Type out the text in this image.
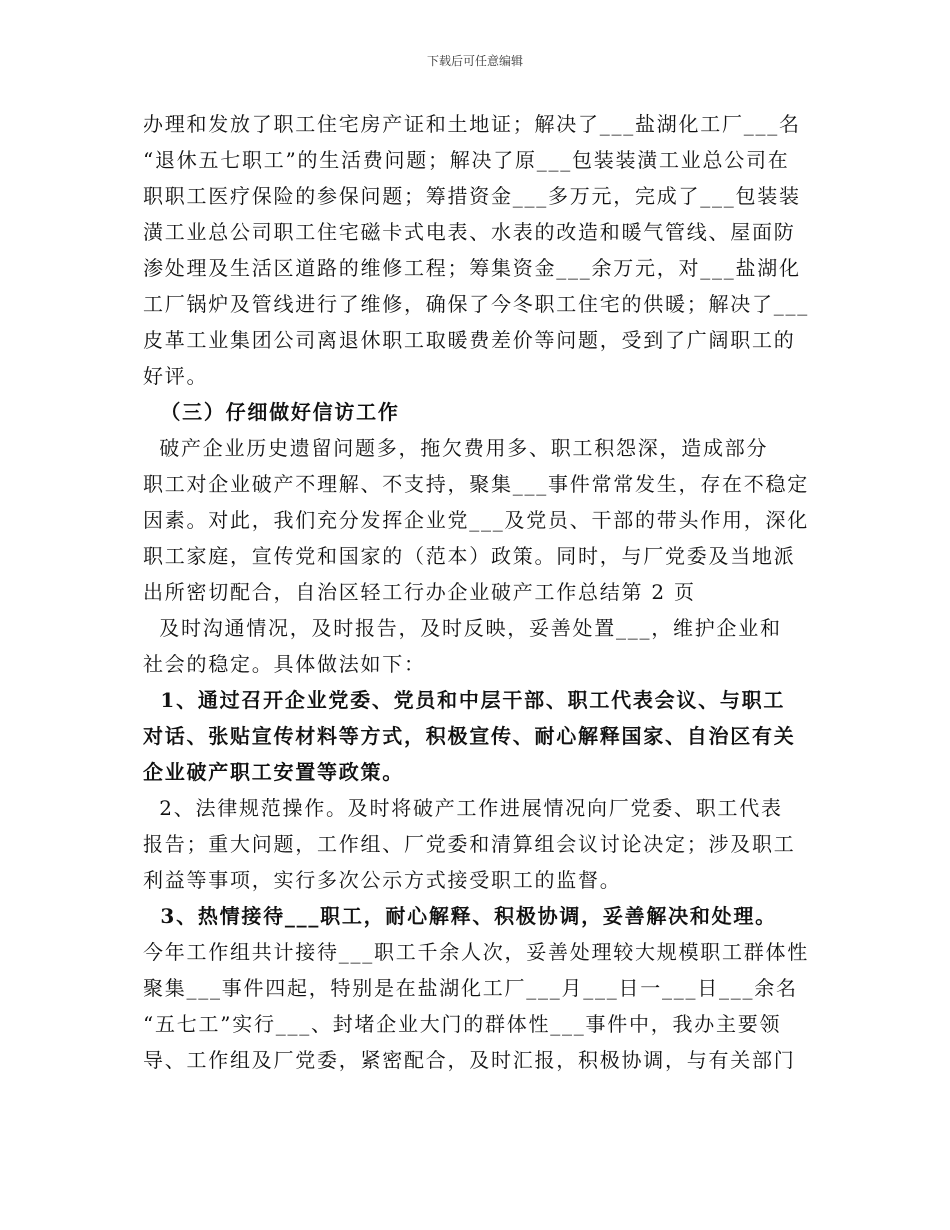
下载后可任意编辑
办理和发放了职工住宅房产证和土地证；解决了___盐湖化工厂___名
“退休五七职工”的生活费问题；解决了原___包装装潢工业总公司在
职职工医疗保险的参保问题；筹措资金___多万元，完成了___包装装
潢工业总公司职工住宅磁卡式电表、水表的改造和暖气管线、屋面防
渗处理及生活区道路的维修工程；筹集资金___余万元，对___盐湖化
工厂锅炉及管线进行了维修，确保了今冬职工住宅的供暖；解决了___
皮革工业集团公司离退休职工取暖费差价等问题，受到了广阔职工的
好评。
（三）仔细做好信访工作
破产企业历史遗留问题多，拖欠费用多、职工积怨深，造成部分
职工对企业破产不理解、不支持，聚集___事件常常发生，存在不稳定
因素。对此，我们充分发挥企业党___及党员、干部的带头作用，深化
职工家庭，宣传党和国家的（范本）政策。同时，与厂党委及当地派
出所密切配合，自治区轻工行办企业破产工作总结第 2 页
及时沟通情况，及时报告，及时反映，妥善处置___，维护企业和
社会的稳定。具体做法如下：
1、通过召开企业党委、党员和中层干部、职工代表会议、与职工
对话、张贴宣传材料等方式，积极宣传、耐心解释国家、自治区有关
企业破产职工安置等政策。
2、法律规范操作。及时将破产工作进展情况向厂党委、职工代表
报告；重大问题，工作组、厂党委和清算组会议讨论决定；涉及职工
利益等事项，实行多次公示方式接受职工的监督。
3、热情接待___职工，耐心解释、积极协调，妥善解决和处理。
今年工作组共计接待___职工千余人次，妥善处理较大规模职工群体性
聚集___事件四起，特别是在盐湖化工厂___月___日一___日___余名
“五七工”实行___、封堵企业大门的群体性___事件中，我办主要领
导、工作组及厂党委，紧密配合，及时汇报，积极协调，与有关部门
